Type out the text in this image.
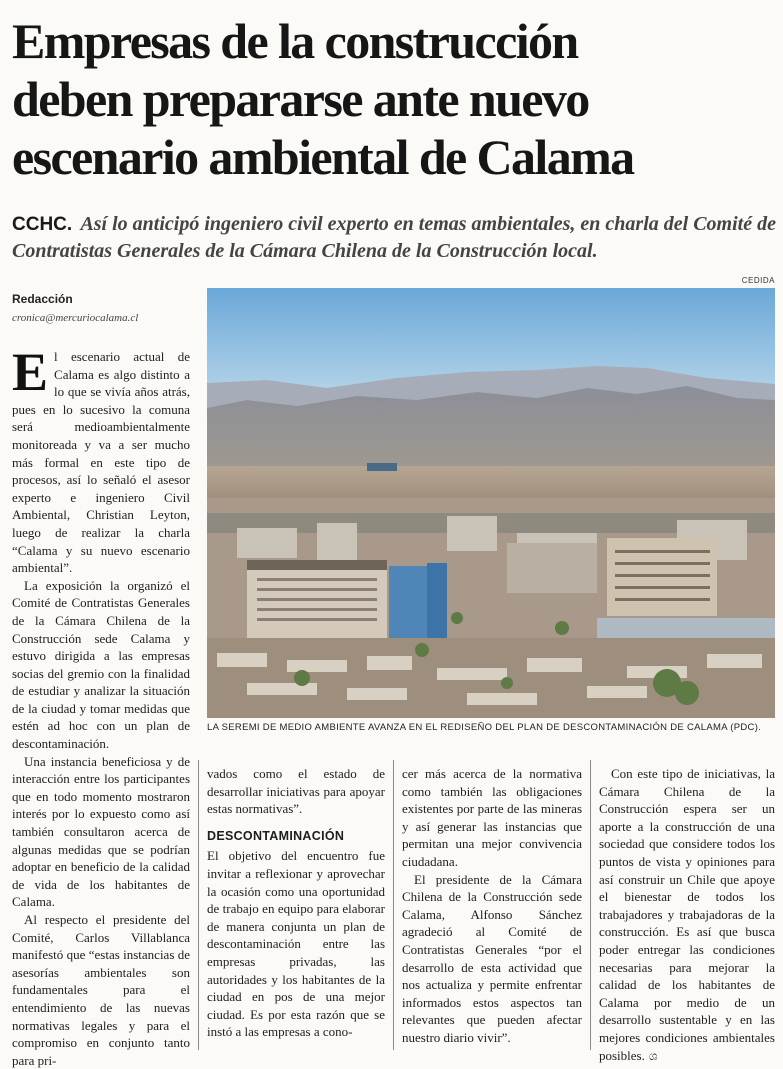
Empresas de la construcción
deben prepararse ante nuevo
escenario ambiental de Calama
CCHC. Así lo anticipó ingeniero civil experto en temas ambientales, en charla del Comité de Contratistas Generales de la Cámara Chilena de la Construcción local.
Redacción
cronica@mercuriocalama.cl
CEDIDA
LA SEREMI DE MEDIO AMBIENTE AVANZA EN EL REDISEÑO DEL PLAN DE DESCONTAMINACIÓN DE CALAMA (PDC).

El escenario actual de Calama es algo distinto a lo que se vivía años atrás, pues en lo sucesivo la comuna será medioambientalmente monitoreada y va a ser mucho más formal en este tipo de procesos, así lo señaló el asesor experto e ingeniero Civil Ambiental, Christian Leyton, luego de realizar la charla “Calama y su nuevo escenario ambiental”.

La exposición la organizó el Comité de Contratistas Generales de la Cámara Chilena de la Construcción sede Calama y estuvo dirigida a las empresas socias del gremio con la finalidad de estudiar y analizar la situación de la ciudad y tomar medidas que estén ad hoc con un plan de descontaminación.

Una instancia beneficiosa y de interacción entre los participantes que en todo momento mostraron interés por lo expuesto como así también consultaron acerca de algunas medidas que se podrían adoptar en beneficio de la calidad de vida de los habitantes de Calama.

Al respecto el presidente del Comité, Carlos Villablanca manifestó que “estas instancias de asesorías ambientales son fundamentales para el entendimiento de las nuevas normativas legales y para el compromiso en conjunto tanto para pri-

vados como el estado de desarrollar iniciativas para apoyar estas normativas”.

DESCONTAMINACIÓN

El objetivo del encuentro fue invitar a reflexionar y aprovechar la ocasión como una oportunidad de trabajo en equipo para elaborar de manera conjunta un plan de descontaminación entre las empresas privadas, las autoridades y los habitantes de la ciudad en pos de una mejor ciudad. Es por esta razón que se instó a las empresas a cono-

cer más acerca de la normativa como también las obligaciones existentes por parte de las mineras y así generar las instancias que permitan una mejor convivencia ciudadana.

El presidente de la Cámara Chilena de la Construcción sede Calama, Alfonso Sánchez agradeció al Comité de Contratistas Generales “por el desarrollo de esta actividad que nos actualiza y permite enfrentar informados estos aspectos tan relevantes que pueden afectar nuestro diario vivir”.

Con este tipo de iniciativas, la Cámara Chilena de la Construcción espera ser un aporte a la construcción de una sociedad que considere todos los puntos de vista y opiniones para así construir un Chile que apoye el bienestar de todos los trabajadores y trabajadoras de la construcción. Es así que busca poder entregar las condiciones necesarias para mejorar la calidad de los habitantes de Calama por medio de un desarrollo sustentable y en las mejores condiciones ambientales posibles. ශ
